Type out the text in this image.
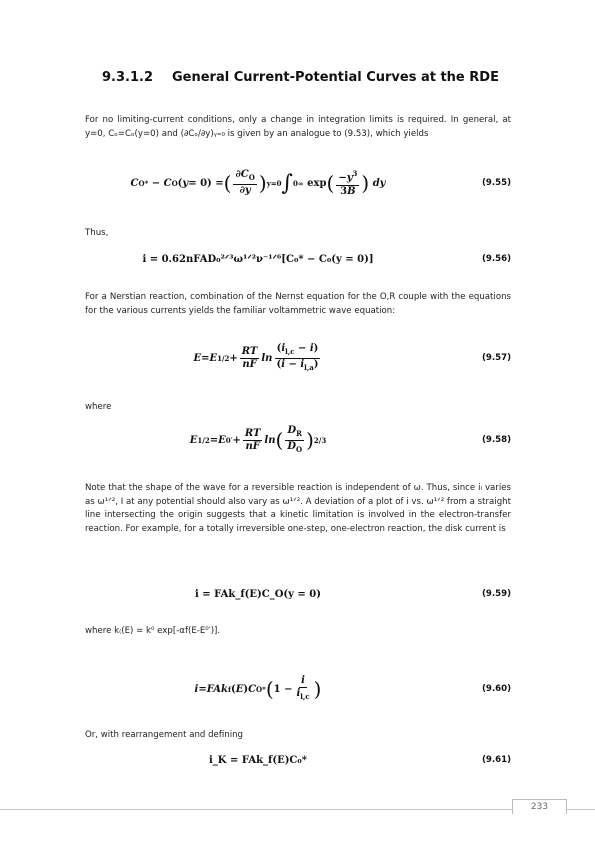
9.3.1.2 General Current-Potential Curves at the RDE

For no limiting-current conditions, only a change in integration limits is required. In general, at y=0, Cₒ=Cₒ(y=0) and (∂Cₒ/∂y)ᵧ₌₀ is given by an analogue to (9.53), which yields

C O * − C O ( y = 0) = ( $\frac{\partial C_O}{\partial y}$ ) y=0 ∫ 0 ∞ exp ( $\frac{-y^3}{3B}$ )
dy	(9.55)

Thus,

i = 0.62nFAD₀²ᐟ³ω¹ᐟ²ν⁻¹ᐟ⁶[C₀* − C₀(y = 0)]	(9.56)

For a Nerstian reaction, combination of the Nernst equation for the O,R couple with the equations for the various currents yields the familiar voltammetric wave equation:

E = E $1/2 + \frac{RT}{nF}$ $\ln \frac{(i_{l,c} - i)}{(i - i_{l,a})}$	(9.57)

where

E 1/2 = E $0' + \frac{RT}{nF}$ ln ( $\frac{D_R}{D_O}$ ) 2/3	(9.58)

Note that the shape of the wave for a reversible reaction is independent of ω. Thus, since iₗ varies as ω¹ᐟ², I at any potential should also vary as ω¹ᐟ². A deviation of a plot of i vs. ω¹ᐟ² from a straight line intersecting the origin suggests that a kinetic limitation is involved in the electron-transfer reaction. For example, for a totally irreversible one-step, one-electron reaction, the disk current is

i = FAk_f(E)C_O(y = 0)	(9.59)

where k₍(E) = k⁰ exp[-αf(E-E⁰′)].

i = FAk f ( E ) C O * ( $1 - \frac{i}{i_{l,c}}$ )	(9.60)

Or, with rearrangement and defining

i_K = FAk_f(E)C₀*	(9.61)
233
